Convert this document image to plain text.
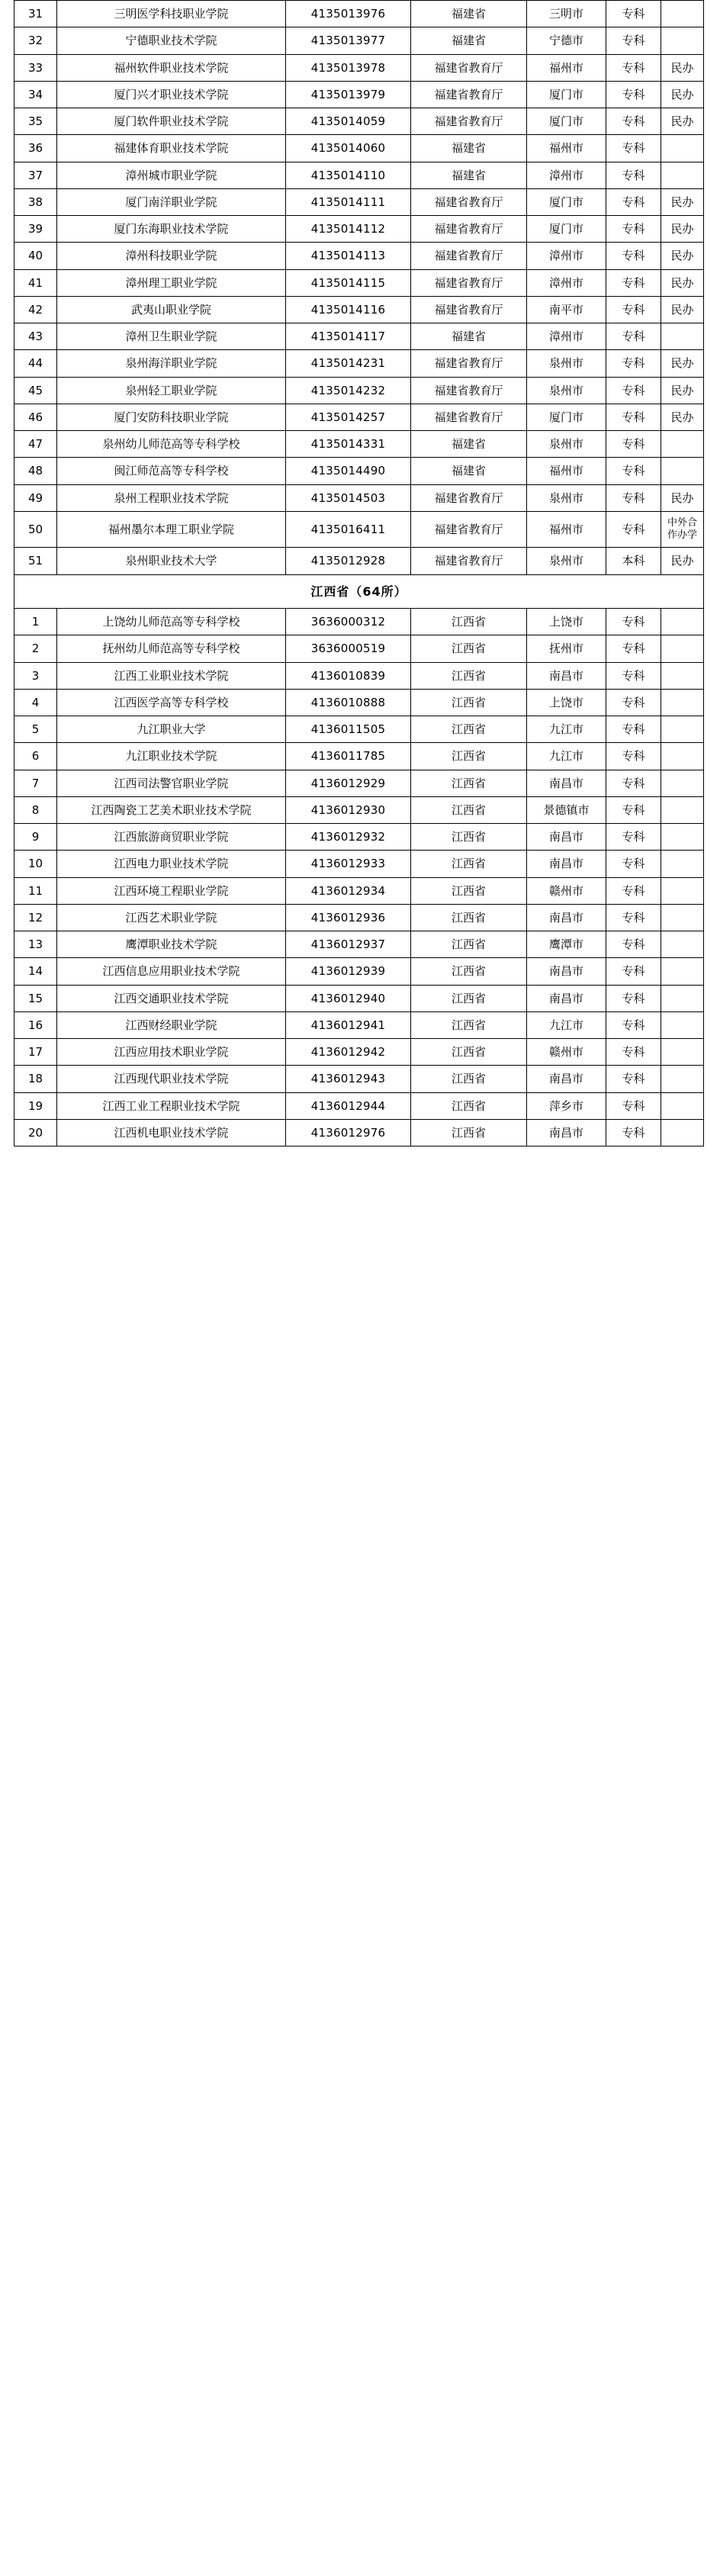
31	三明医学科技职业学院	4135013976	福建省	三明市	专科	
32	宁德职业技术学院	4135013977	福建省	宁德市	专科	
33	福州软件职业技术学院	4135013978	福建省教育厅	福州市	专科	民办
34	厦门兴才职业技术学院	4135013979	福建省教育厅	厦门市	专科	民办
35	厦门软件职业技术学院	4135014059	福建省教育厅	厦门市	专科	民办
36	福建体育职业技术学院	4135014060	福建省	福州市	专科	
37	漳州城市职业学院	4135014110	福建省	漳州市	专科	
38	厦门南洋职业学院	4135014111	福建省教育厅	厦门市	专科	民办
39	厦门东海职业技术学院	4135014112	福建省教育厅	厦门市	专科	民办
40	漳州科技职业学院	4135014113	福建省教育厅	漳州市	专科	民办
41	漳州理工职业学院	4135014115	福建省教育厅	漳州市	专科	民办
42	武夷山职业学院	4135014116	福建省教育厅	南平市	专科	民办
43	漳州卫生职业学院	4135014117	福建省	漳州市	专科	
44	泉州海洋职业学院	4135014231	福建省教育厅	泉州市	专科	民办
45	泉州轻工职业学院	4135014232	福建省教育厅	泉州市	专科	民办
46	厦门安防科技职业学院	4135014257	福建省教育厅	厦门市	专科	民办
47	泉州幼儿师范高等专科学校	4135014331	福建省	泉州市	专科	
48	闽江师范高等专科学校	4135014490	福建省	福州市	专科	
49	泉州工程职业技术学院	4135014503	福建省教育厅	泉州市	专科	民办
50	福州墨尔本理工职业学院	4135016411	福建省教育厅	福州市	专科	中外合作办学
51	泉州职业技术大学	4135012928	福建省教育厅	泉州市	本科	民办
江西省（64所）						
1	上饶幼儿师范高等专科学校	3636000312	江西省	上饶市	专科	
2	抚州幼儿师范高等专科学校	3636000519	江西省	抚州市	专科	
3	江西工业职业技术学院	4136010839	江西省	南昌市	专科	
4	江西医学高等专科学校	4136010888	江西省	上饶市	专科	
5	九江职业大学	4136011505	江西省	九江市	专科	
6	九江职业技术学院	4136011785	江西省	九江市	专科	
7	江西司法警官职业学院	4136012929	江西省	南昌市	专科	
8	江西陶瓷工艺美术职业技术学院	4136012930	江西省	景德镇市	专科	
9	江西旅游商贸职业学院	4136012932	江西省	南昌市	专科	
10	江西电力职业技术学院	4136012933	江西省	南昌市	专科	
11	江西环境工程职业学院	4136012934	江西省	赣州市	专科	
12	江西艺术职业学院	4136012936	江西省	南昌市	专科	
13	鹰潭职业技术学院	4136012937	江西省	鹰潭市	专科	
14	江西信息应用职业技术学院	4136012939	江西省	南昌市	专科	
15	江西交通职业技术学院	4136012940	江西省	南昌市	专科	
16	江西财经职业学院	4136012941	江西省	九江市	专科	
17	江西应用技术职业学院	4136012942	江西省	赣州市	专科	
18	江西现代职业技术学院	4136012943	江西省	南昌市	专科	
19	江西工业工程职业技术学院	4136012944	江西省	萍乡市	专科	
20	江西机电职业技术学院	4136012976	江西省	南昌市	专科	
